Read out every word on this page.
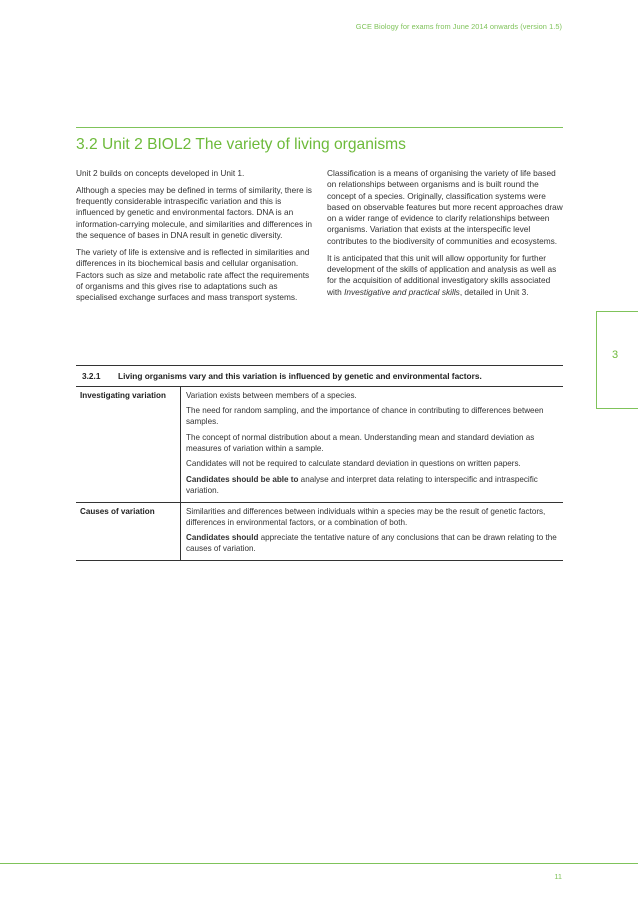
GCE Biology for exams from June 2014 onwards (version 1.5)
3.2 Unit 2 BIOL2 The variety of living organisms

Unit 2 builds on concepts developed in Unit 1.

Although a species may be defined in terms of similarity, there is frequently considerable intraspecific variation and this is influenced by genetic and environmental factors. DNA is an information-carrying molecule, and similarities and differences in the sequence of bases in DNA result in genetic diversity.

The variety of life is extensive and is reflected in similarities and differences in its biochemical basis and cellular organisation. Factors such as size and metabolic rate affect the requirements of organisms and this gives rise to adaptations such as specialised exchange surfaces and mass transport systems.

Classification is a means of organising the variety of life based on relationships between organisms and is built round the concept of a species. Originally, classification systems were based on observable features but more recent approaches draw on a wider range of evidence to clarify relationships between organisms. Variation that exists at the interspecific level contributes to the biodiversity of communities and ecosystems.

It is anticipated that this unit will allow opportunity for further development of the skills of application and analysis as well as for the acquisition of additional investigatory skills associated with Investigative and practical skills, detailed in Unit 3.

3
3.2.1 Living organisms vary and this variation is influenced by genetic and environmental factors.	
Investigating variation	Variation exists between members of a species.

The need for random sampling, and the importance of chance in contributing to differences between samples.

The concept of normal distribution about a mean. Understanding mean and standard deviation as measures of variation within a sample.

Candidates will not be required to calculate standard deviation in questions on written papers.

Candidates should be able to analyse and interpret data relating to interspecific and intraspecific variation.

Causes of variation	Similarities and differences between individuals within a species may be the result of genetic factors, differences in environmental factors, or a combination of both.

Candidates should appreciate the tentative nature of any conclusions that can be drawn relating to the causes of variation.

11
